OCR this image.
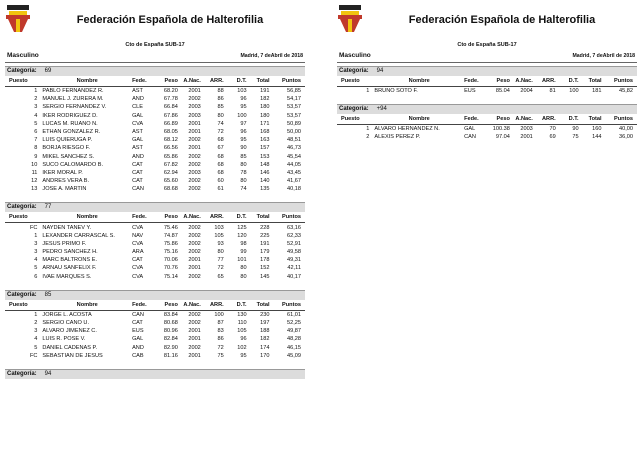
Federación Española de Halterofilia
Cto de España SUB-17
Masculino	Madrid, 7 deAbril de 2018
Categoría: 69
Puesto	Nombre	Fede.	Peso	A.Nac.	ARR.	D.T.	Total	Puntos
1	PABLO FERNANDEZ R.	AST	68.20	2001	88	103	191	56,85
2	MANUEL J. ZURERA M.	AND	67.78	2002	86	96	182	54,17
3	SERGIO FERNANDEZ V.	CLE	66.84	2003	85	95	180	53,57
4	IKER RODRIGUEZ D.	GAL	67.86	2003	80	100	180	53,57
5	LUCAS M. RUANO N.	CVA	66.89	2001	74	97	171	50,89
6	ETHAN GONZALEZ R.	AST	68.05	2001	72	96	168	50,00
7	LUIS QUIERUGA P.	GAL	68.12	2002	68	95	163	48,51
8	BORJA RIESGO F.	AST	66.56	2001	67	90	157	46,73
9	MIKEL SANCHEZ S.	AND	65.86	2002	68	85	153	45,54
10	SUCO CALOMARDO B.	CAT	67.82	2002	68	80	148	44,05
11	IKER MORAL P.	CAT	62.94	2003	68	78	146	43,45
12	ANDRES VERA B.	CAT	65.60	2002	60	80	140	41,67
13	JOSE A. MARTIN	CAN	68.68	2002	61	74	135	40,18
Categoría: 77
Puesto	Nombre	Fede.	Peso	A.Nac.	ARR.	D.T.	Total	Puntos
FC	NAYDEN TANEV Y.	CVA	75.46	2002	103	125	228	63,16
1	LEXANDER CARRASCAL S.	NAV	74.87	2002	105	120	225	62,33
3	JESUS PRIMO F.	CVA	75.86	2002	93	98	191	52,91
3	PEDRO SANCHEZ H.	ARA	75.16	2002	80	99	179	49,58
4	MARC BALTRONS E.	CAT	70.06	2001	77	101	178	49,31
5	ARNAU SANFELIX F.	CVA	70.76	2001	72	80	152	42,11
6	IVAE MARQUES S.	CVA	75.14	2002	65	80	145	40,17
Categoría: 85
Puesto	Nombre	Fede.	Peso	A.Nac.	ARR.	D.T.	Total	Puntos
1	JORGE L. ACOSTA	CAN	83.84	2002	100	130	230	61,01
2	SERGIO CANO U.	CAT	80.68	2002	87	110	197	52,25
3	ALVARO JIMENEZ C.	EUS	80.96	2001	83	105	188	49,87
4	LUIS R. POSE V.	GAL	82.84	2001	86	96	182	48,28
5	DANIEL CADENAS P.	AND	82.90	2002	72	102	174	46,15
FC	SEBASTIAN DE JESUS	CAB	81.16	2001	75	95	170	45,09
Categoría: 94
Federación Española de Halterofilia
Cto de España SUB-17
Masculino	Madrid, 7 deAbril de 2018
Categoría: 94
Puesto	Nombre	Fede.	Peso	A.Nac.	ARR.	D.T.	Total	Puntos
1	BRUNO SOTO F.	EUS	85.04	2004	81	100	181	45,82
Categoría: +94
Puesto	Nombre	Fede.	Peso	A.Nac.	ARR.	D.T.	Total	Puntos
1	ALVARO HERNANDEZ N.	GAL	100.38	2003	70	90	160	40,00
2	ALEXIS PEREZ P.	CAN	97.04	2001	69	75	144	36,00
